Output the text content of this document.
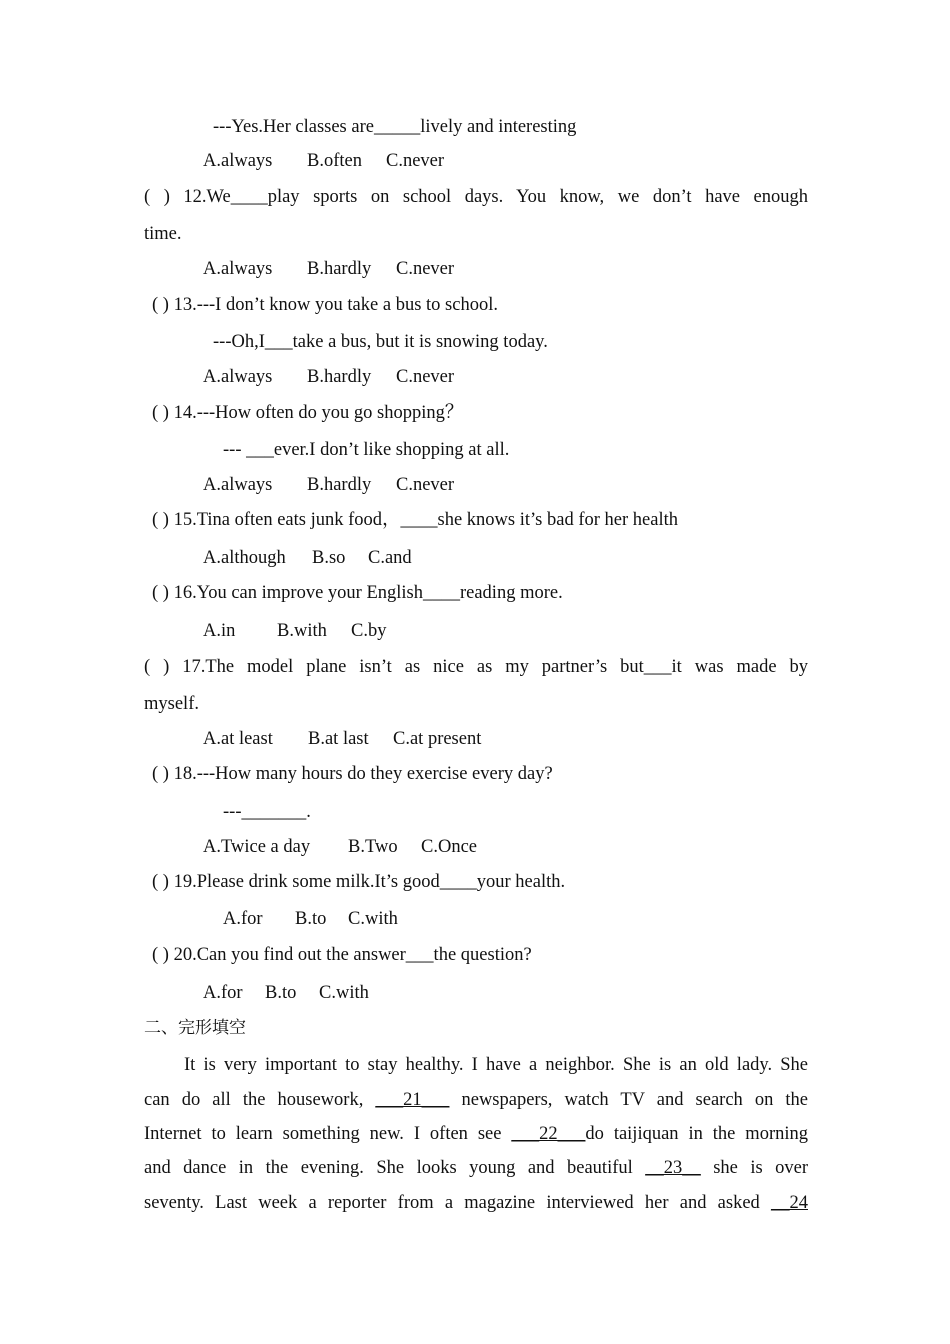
---Yes.Her classes are_____lively and interesting
A.always B.often C.never
( ) 12.We____play sports on school days. You know, we don’t have enough
time.
A.always B.hardly C.never
( ) 13.---I don’t know you take a bus to school.
---Oh,I___take a bus, but it is snowing today.
A.always B.hardly C.never
( ) 14.---How often do you go shopping？
--- ___ever.I don’t like shopping at all.
A.always B.hardly C.never
( ) 15.Tina often eats junk food，____she knows it’s bad for her health
A.although B.so C.and
( ) 16.You can improve your English____reading more.
A.in B.with C.by
( ) 17.The model plane isn’t as nice as my partner’s but___it was made by
myself.
A.at least B.at last C.at present
( ) 18.---How many hours do they exercise every day?
---_______.
A.Twice a day B.Two C.Once
( ) 19.Please drink some milk.It’s good____your health.
A.for B.to C.with
( ) 20.Can you find out the answer___the question?
A.for B.to C.with
二、完形填空
It is very important to stay healthy. I have a neighbor. She is an old lady. She
can do all the housework, ___21___ newspapers, watch TV and search on the
Internet to learn something new. I often see ___22___do taijiquan in the morning
and dance in the evening. She looks young and beautiful __23__ she is over
seventy. Last week a reporter from a magazine interviewed her and asked __24
